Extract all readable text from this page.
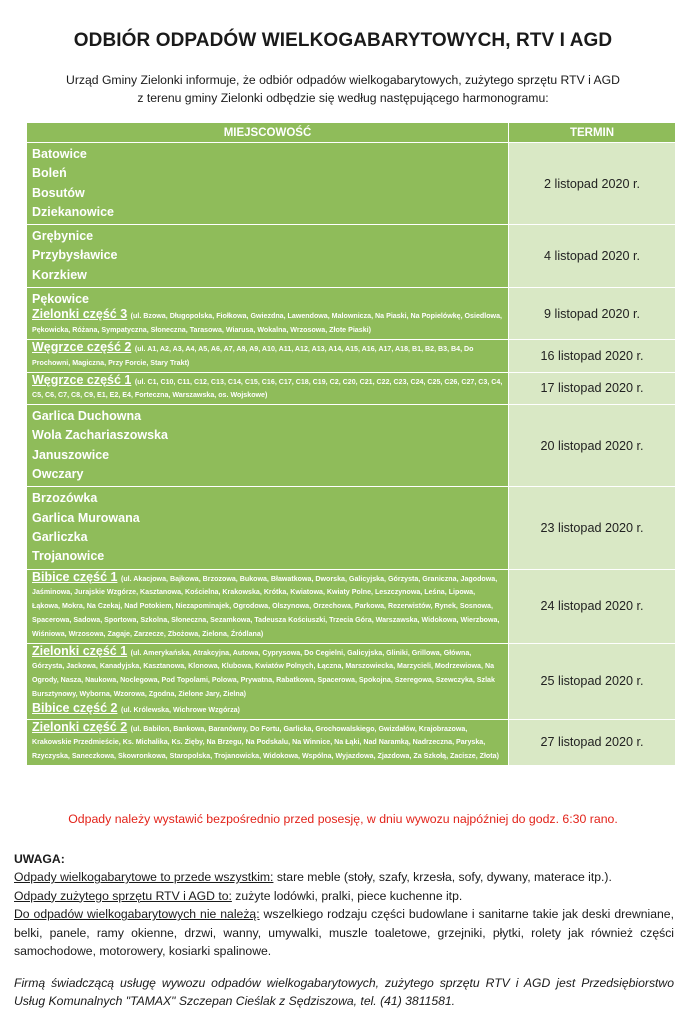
ODBIÓR ODPADÓW WIELKOGABARYTOWYCH, RTV I AGD
Urząd Gminy Zielonki informuje, że odbiór odpadów wielkogabarytowych, zużytego sprzętu RTV i AGD
z terenu gminy Zielonki odbędzie się według następującego harmonogramu:
MIEJSCOWOŚĆ	TERMIN

Batowice
Boleń
Bosutów
Dziekanowice	2 listopad 2020 r.

Grębynice
Przybysławice
Korzkiew	4 listopad 2020 r.

Pękowice
Zielonki część 3 (ul. Bzowa, Długopolska, Fiołkowa, Gwiezdna, Lawendowa, Malownicza, Na Piaski, Na Popielówkę, Osiedlowa, Pękowicka, Różana, Sympatyczna, Słoneczna, Tarasowa, Wiarusa, Wokalna, Wrzosowa, Złote Piaski)	9 listopad 2020 r.

Węgrzce część 2 (ul. A1, A2, A3, A4, A5, A6, A7, A8, A9, A10, A11, A12, A13, A14, A15, A16, A17, A18, B1, B2, B3, B4, Do Prochowni, Magiczna, Przy Forcie, Stary Trakt)	16 listopad 2020 r.

Węgrzce część 1 (ul. C1, C10, C11, C12, C13, C14, C15, C16, C17, C18, C19, C2, C20, C21, C22, C23, C24, C25, C26, C27, C3, C4, C5, C6, C7, C8, C9, E1, E2, E4, Forteczna, Warszawska, os. Wojskowe)	17 listopad 2020 r.

Garlica Duchowna
Wola Zachariaszowska
Januszowice
Owczary	20 listopad 2020 r.

Brzozówka
Garlica Murowana
Garliczka
Trojanowice	23 listopad 2020 r.

Bibice część 1 (ul. Akacjowa, Bajkowa, Brzozowa, Bukowa, Bławatkowa, Dworska, Galicyjska, Górzysta, Graniczna, Jagodowa, Jaśminowa, Jurajskie Wzgórze, Kasztanowa, Kościelna, Krakowska, Krótka, Kwiatowa, Kwiaty Polne, Leszczynowa, Leśna, Lipowa, Łąkowa, Mokra, Na Czekaj, Nad Potokiem, Niezapominajek, Ogrodowa, Olszynowa, Orzechowa, Parkowa, Rezerwistów, Rynek, Sosnowa, Spacerowa, Sadowa, Sportowa, Szkolna, Słoneczna, Sezamkowa, Tadeusza Kościuszki, Trzecia Góra, Warszawska, Widokowa, Wierzbowa, Wiśniowa, Wrzosowa, Zagaje, Zarzecze, Zbożowa, Zielona, Źródlana)	24 listopad 2020 r.

Zielonki część 1 (ul. Amerykańska, Atrakcyjna, Autowa, Cyprysowa, Do Cegielni, Galicyjska, Gliniki, Grillowa, Główna, Górzysta, Jackowa, Kanadyjska, Kasztanowa, Klonowa, Klubowa, Kwiatów Polnych, Łączna, Marszowiecka, Marzycieli, Modrzewiowa, Na Ogrody, Nasza, Naukowa, Noclegowa, Pod Topolami, Polowa, Prywatna, Rabatkowa, Spacerowa, Spokojna, Szeregowa, Szewczyka, Szlak Bursztynowy, Wyborna, Wzorowa, Zgodna, Zielone Jary, Zielna)
Bibice część 2 (ul. Królewska, Wichrowe Wzgórza)	25 listopad 2020 r.

Zielonki część 2 (ul. Babilon, Bankowa, Baranówny, Do Fortu, Garlicka, Grochowalskiego, Gwizdałów, Krajobrazowa, Krakowskie Przedmieście, Ks. Michalika, Ks. Zięby, Na Brzegu, Na Podskalu, Na Winnice, Na Łąki, Nad Naramką, Nadrzeczna, Paryska, Rzyczyska, Saneczkowa, Skowronkowa, Staropolska, Trojanowicka, Widokowa, Wspólna, Wyjazdowa, Zjazdowa, Za Szkołą, Zacisze, Złota)	27 listopad 2020 r.
Odpady należy wystawić bezpośrednio przed posesję, w dniu wywozu najpóźniej do godz. 6:30 rano.
UWAGA:
Odpady wielkogabarytowe to przede wszystkim: stare meble (stoły, szafy, krzesła, sofy, dywany, materace itp.).
Odpady zużytego sprzętu RTV i AGD to: zużyte lodówki, pralki, piece kuchenne itp.
Do odpadów wielkogabarytowych nie należą: wszelkiego rodzaju części budowlane i sanitarne takie jak deski drewniane, belki, panele, ramy okienne, drzwi, wanny, umywalki, muszle toaletowe, grzejniki, płytki, rolety jak również części samochodowe, motorowery, kosiarki spalinowe.
Firmą świadczącą usługę wywozu odpadów wielkogabarytowych, zużytego sprzętu RTV i AGD jest Przedsiębiorstwo Usług Komunalnych "TAMAX" Szczepan Cieślak z Sędziszowa, tel. (41) 3811581.
